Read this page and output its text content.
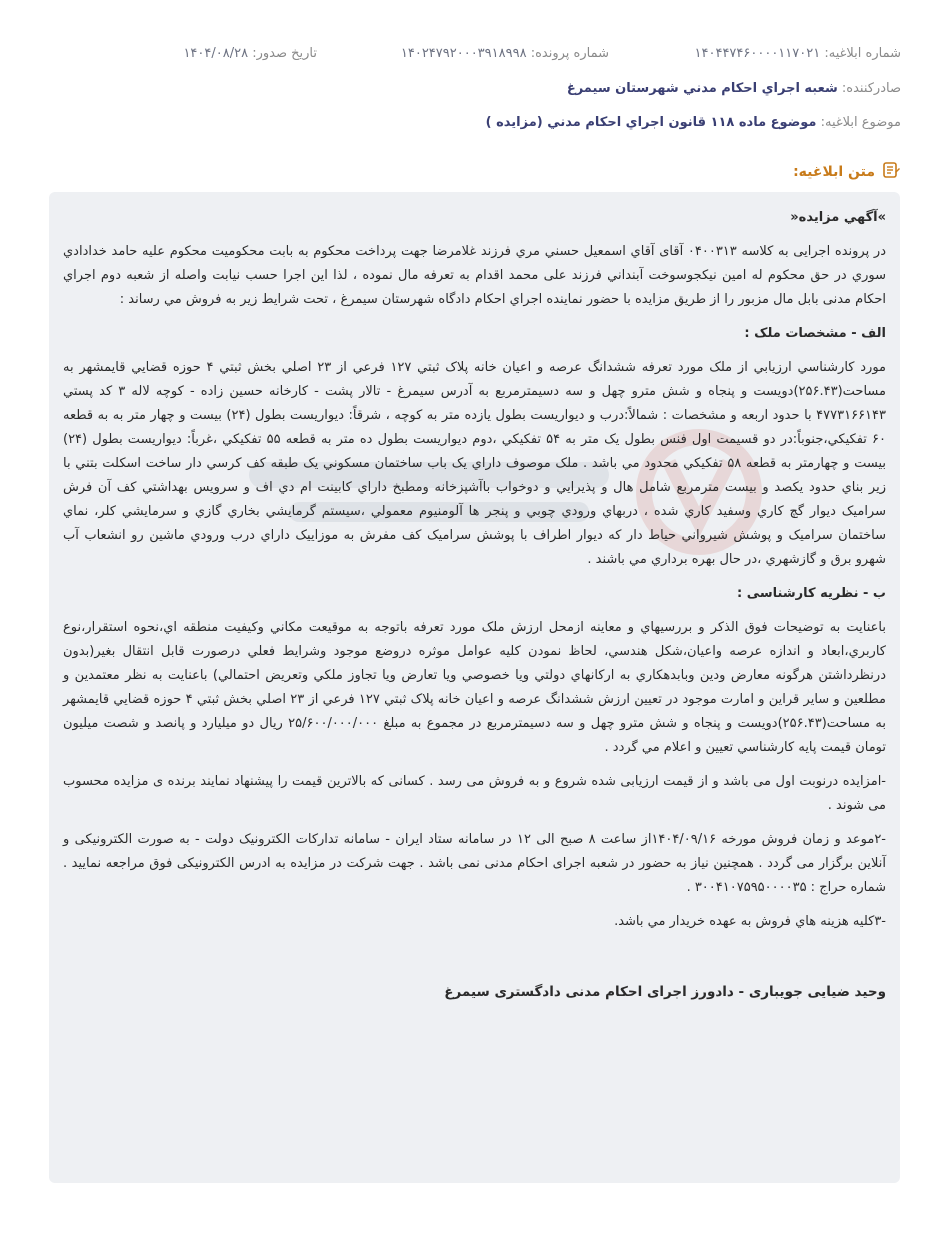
شماره ابلاغیه: ۱۴۰۴۴۷۴۶۰۰۰۰۱۱۷۰۲۱
شماره پرونده: ۱۴۰۲۴۷۹۲۰۰۰۳۹۱۸۹۹۸
تاریخ صدور: ۱۴۰۴/۰۸/۲۸
صادرکننده: شعبه اجراي احکام مدني شهرستان سيمرغ
موضوع ابلاغیه: موضوع ماده ۱۱۸ قانون اجراي احکام مدني (مزايده )
متن ابلاغیه:

»آگهي مزايده«

در پرونده اجرایی به کلاسه ۰۴۰۰۳۱۳ آقای آقاي اسمعيل حسني مري فرزند غلامرضا جهت پرداخت محکوم به بابت محکوميت محکوم عليه حامد خدادادي سوري در حق محکوم له امين نيکجوسوخت آبنداني فرزند علی محمد اقدام به تعرفه مال نموده ، لذا اين اجرا حسب نيابت واصله از شعبه دوم اجراي احکام مدنی بابل مال مزبور را از طريق مزايده با حضور نماينده اجراي احکام دادگاه شهرستان سيمرغ ، تحت شرايط زير به فروش مي رساند :

الف - مشخصات ملک :

مورد کارشناسي ارزيابي از ملک مورد تعرفه ششدانگ عرصه و اعيان خانه پلاک ثبتي ۱۲۷ فرعي از ۲۳ اصلي بخش ثبتي ۴ حوزه قضايي قايمشهر به مساحت(۲۵۶.۴۳)دويست و پنجاه و شش مترو چهل و سه دسيمترمربع به آدرس سيمرغ - تالار پشت - کارخانه حسين زاده - کوچه لاله ۳ کد پستي ۴۷۷۳۱۶۶۱۴۳ با حدود اربعه و مشخصات : شمالاً:درب و ديواريست بطول يازده متر به کوچه ، شرقاً: ديواريست بطول (۲۴) بيست و چهار متر به به قطعه ۶۰ تفکيکي،جنوباً:در دو قسيمت اول فنس بطول يک متر به ۵۴ تفکيکي ،دوم ديواريست بطول ده متر به قطعه ۵۵ تفکيکي ،غرباً: ديواريست بطول (۲۴) بيست و چهارمتر به قطعه ۵۸ تفکيکي محدود مي باشد . ملک موصوف داراي يک باب ساختمان مسکوني يک طبقه کف کرسي دار ساخت اسکلت بتني با زير بناي حدود يکصد و بيست مترمربع شامل هال و پذيرايي و دوخواب باآشپزخانه ومطبخ داراي کابينت ام دي اف و سرويس بهداشتي کف آن فرش سراميک ديوار گچ کاري وسفيد کاري شده ، دربهاي ورودي چوبي و پنجر ها آلومنيوم معمولي ،سيستم گرمايشي بخاري گازي و سرمايشي کلر، نماي ساختمان سراميک و پوشش شيرواني حياط دار که ديوار اطراف با پوشش سراميک کف مفرش به موزاييک داراي درب ورودي ماشين رو انشعاب آب شهرو برق و گازشهري ،در حال بهره برداري مي باشند .

ب - نظريه کارشناسی :

باعنايت به توضيحات فوق الذکر و بررسيهاي و معاينه ازمحل ارزش ملک مورد تعرفه باتوجه به موقيعت مکاني وکيفيت منطقه اي،نحوه استقرار،نوع کاربري،ابعاد و اندازه عرصه واعيان،شکل هندسي، لحاظ نمودن کليه عوامل موثره دروضع موجود وشرايط فعلي درصورت قابل انتقال بغير(بدون درنظرداشتن هرگونه معارض ودين وبابدهکاري به ارکانهاي دولتي ويا خصوصي ويا تعارض ويا تجاوز ملکي وتعريض احتمالي) باعنايت به نظر معتمدين و مطلعين و ساير قراين و امارت موجود در تعيين ارزش ششدانگ عرصه و اعيان خانه پلاک ثبتي ۱۲۷ فرعي از ۲۳ اصلي بخش ثبتي ۴ حوزه قضايي قايمشهر به مساحت(۲۵۶.۴۳)دويست و پنجاه و شش مترو چهل و سه دسيمترمربع در مجموع به مبلغ ۲۵/۶۰۰/۰۰۰/۰۰۰ ريال دو ميليارد و پانصد و شصت ميليون تومان قيمت پايه کارشناسي تعيين و اعلام مي گردد .

-امزايده درنوبت اول می باشد و از قيمت ارزيابی شده شروع و به فروش می رسد . کسانی که بالاترين قيمت را پيشنهاد نمايند برنده ی مزايده محسوب می شوند .

-۲موعد و زمان فروش مورخه ۱۴۰۴/۰۹/۱۶از ساعت ۸ صبح الی ۱۲ در سامانه ستاد ايران - سامانه تدارکات الکترونيک دولت - به صورت الکترونيکی و آنلاين برگزار می گردد . همچنين نياز به حضور در شعبه اجرای احکام مدنی نمی باشد . جهت شرکت در مزايده به ادرس الکترونيکی فوق مراجعه نماييد . شماره حراج : ۳۰۰۴۱۰۷۵۹۵۰۰۰۰۳۵ .

-۳کليه هزينه هاي فروش به عهده خريدار مي باشد.

وحيد ضيايی جويباری - دادورز اجرای احکام مدنی دادگستری سيمرغ
